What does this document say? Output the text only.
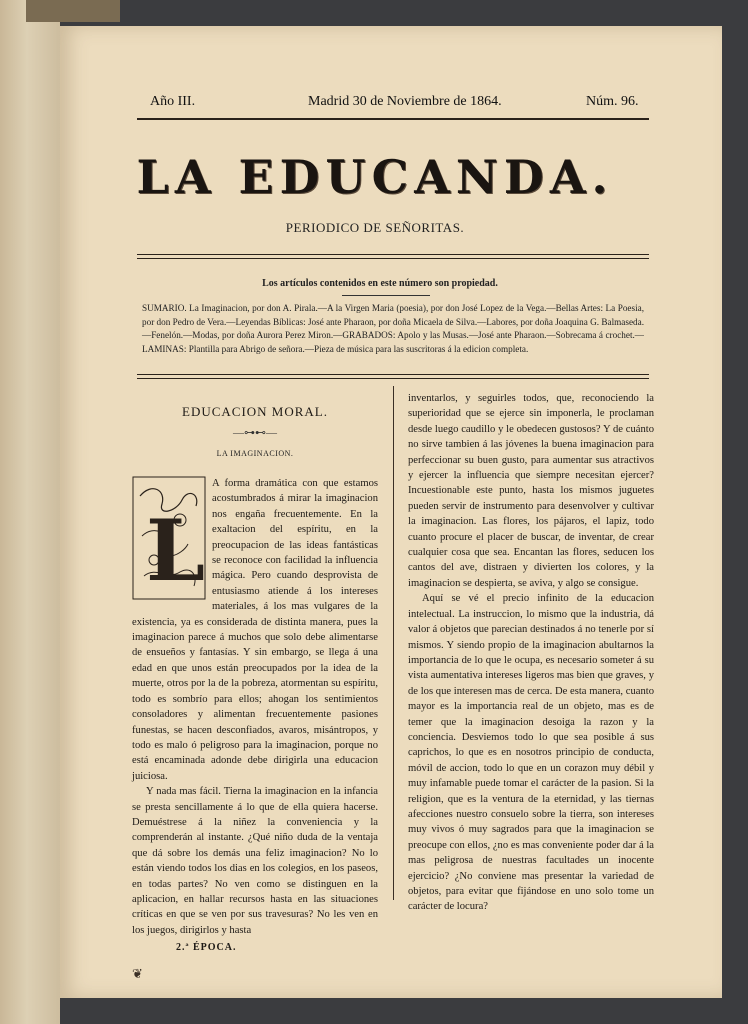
Año III.	Madrid 30 de Noviembre de 1864.	Núm. 96.
LA EDUCANDA.
PERIODICO DE SEÑORITAS.
Los artículos contenidos en este número son propiedad.
SUMARIO. La Imaginacion, por don A. Pirala.—A la Virgen Maria (poesia), por don José Lopez de la Vega.—Bellas Artes: La Poesia, por don Pedro de Vera.—Leyendas Bíblicas: José ante Pharaon, por doña Micaela de Silva.—Labores, por doña Joaquina G. Balmaseda.—Fenelón.—Modas, por doña Aurora Perez Miron.—GRABADOS: Apolo y las Musas.—José ante Pharaon.—Sobrecama á crochet.—LAMINAS: Plantilla para Abrigo de señora.—Pieza de música para las suscritoras á la edicion completa.

EDUCACION MORAL.

—⊶⊷—

LA IMAGINACION.

L

A forma dramática con que estamos acostumbrados á mirar la imaginacion nos engaña frecuentemente. En la exaltacion del espíritu, en la preocupacion de las ideas fantásticas se reconoce con facilidad la influencia mágica. Pero cuando desprovista de entusiasmo atiende á los intereses materiales, á los mas vulgares de la existencia, ya es considerada de distinta manera, pues la imaginacion parece á muchos que solo debe alimentarse de ensueños y fantasías. Y sin embargo, se llega á una edad en que unos están preocupados por la idea de la muerte, otros por la de la pobreza, atormentan su espíritu, todo es sombrío para ellos; ahogan los sentimientos consoladores y alimentan frecuentemente pasiones funestas, se hacen desconfiados, avaros, misántropos, y todo es malo ó peligroso para la imaginacion, porque no está encaminada adonde debe dirigirla una educacion juiciosa.

Y nada mas fácil. Tierna la imaginacion en la infancia se presta sencillamente á lo que de ella quiera hacerse. Demuéstrese á la niñez la conveniencia y la comprenderán al instante. ¿Qué niño duda de la ventaja que dá sobre los demás una feliz imaginacion? No lo están viendo todos los dias en los colegios, en los paseos, en todas partes? No ven como se distinguen en la aplicacion, en hallar recursos hasta en las situaciones críticas en que se ven por sus travesuras? No les ven en los juegos, dirigirlos y hasta

2.ª ÉPOCA.

inventarlos, y seguirles todos, que, reconociendo la superioridad que se ejerce sin imponerla, le proclaman desde luego caudillo y le obedecen gustosos? Y de cuánto no sirve tambien á las jóvenes la buena imaginacion para perfeccionar su buen gusto, para aumentar sus atractivos y ejercer la influencia que siempre necesitan ejercer? Incuestionable este punto, hasta los mismos juguetes pueden servir de instrumento para desenvolver y cultivar la imaginacion. Las flores, los pájaros, el lapiz, todo cuanto procure el placer de buscar, de inventar, de crear cualquier cosa que sea. Encantan las flores, seducen los cantos del ave, distraen y divierten los colores, y la imaginacion se despierta, se aviva, y algo se consigue.

Aquí se vé el precio infinito de la educacion intelectual. La instruccion, lo mismo que la industria, dá valor á objetos que parecian destinados á no tenerle por sí mismos. Y siendo propio de la imaginacion abultarnos la importancia de lo que le ocupa, es necesario someter á su vista aumentativa intereses ligeros mas bien que graves, y de los que interesen mas de cerca. De esta manera, cuanto mayor es la importancia real de un objeto, mas es de temer que la imaginacion desoiga la razon y la conciencia. Desviemos todo lo que sea posible á sus caprichos, lo que es en nosotros principio de conducta, móvil de accion, todo lo que en un corazon muy débil y muy infamable puede tomar el carácter de la pasion. Si la religion, que es la ventura de la eternidad, y las tiernas afecciones nuestro consuelo sobre la tierra, son intereses muy vivos ó muy sagrados para que la imaginacion se preocupe con ellos, ¿no es mas conveniente poder dar á la mas peligrosa de nuestras facultades un inocente ejercicio? ¿No conviene mas presentar la variedad de objetos, para evitar que fijándose en uno solo tome un carácter de locura?

❦
